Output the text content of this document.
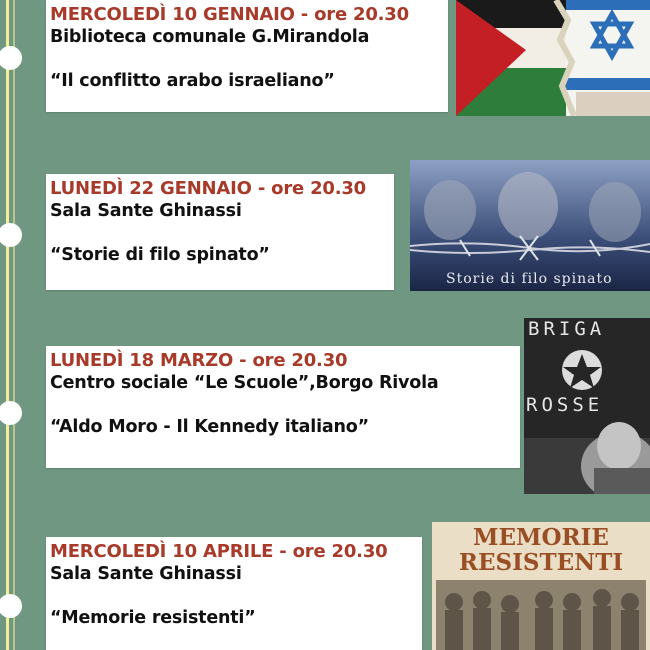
MERCOLEDÌ 10 GENNAIO - ore 20.30
Biblioteca comunale G.Mirandola
“Il conflitto arabo israeliano”
LUNEDÌ 22 GENNAIO - ore 20.30
Sala Sante Ghinassi
“Storie di filo spinato”
Storie di filo spinato
LUNEDÌ 18 MARZO - ore 20.30
Centro sociale “Le Scuole”,Borgo Rivola
“Aldo Moro - Il Kennedy italiano”
BRIGA
ROSSE
MERCOLEDÌ 10 APRILE - ore 20.30
Sala Sante Ghinassi
“Memorie resistenti”
MEMORIE
RESISTENTI
